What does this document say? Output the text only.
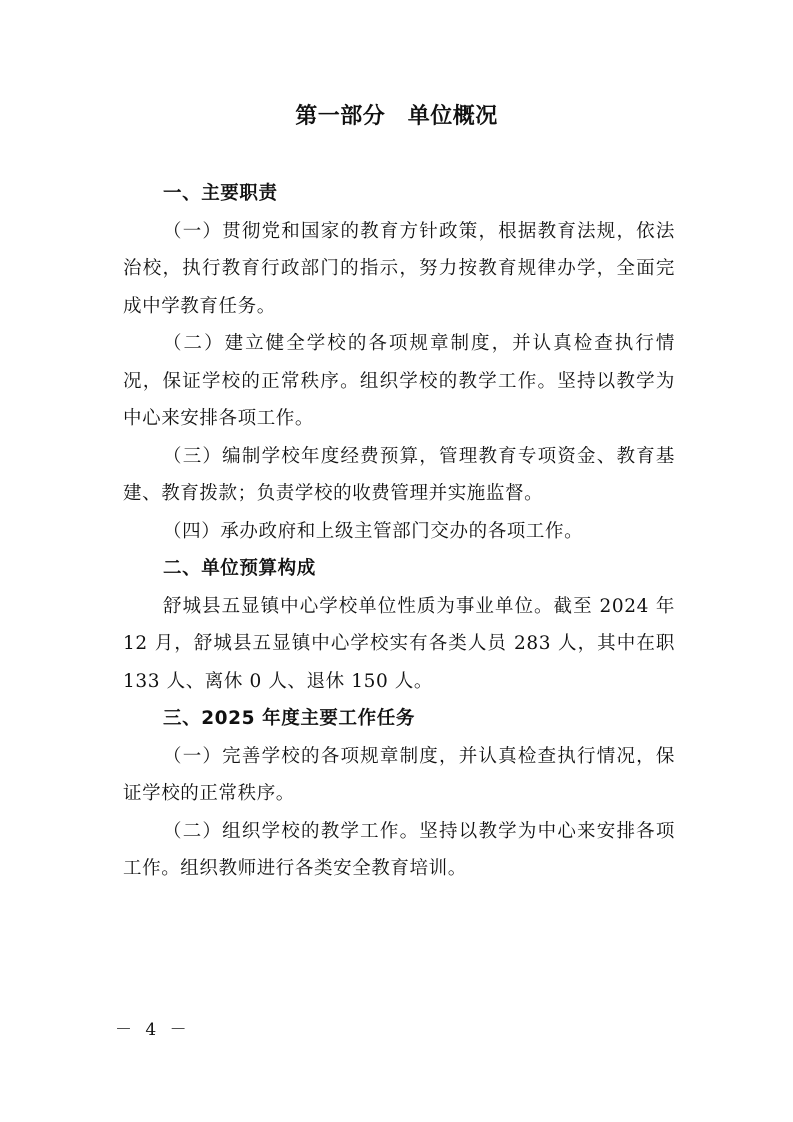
第一部分　单位概况

一、主要职责

（一）贯彻党和国家的教育方针政策，根据教育法规，依法治校，执行教育行政部门的指示，努力按教育规律办学，全面完成中学教育任务。

（二）建立健全学校的各项规章制度，并认真检查执行情况，保证学校的正常秩序。组织学校的教学工作。坚持以教学为中心来安排各项工作。

（三）编制学校年度经费预算，管理教育专项资金、教育基建、教育拨款；负责学校的收费管理并实施监督。

（四）承办政府和上级主管部门交办的各项工作。

二、单位预算构成

舒城县五显镇中心学校单位性质为事业单位。截至 2024 年 12 月，舒城县五显镇中心学校实有各类人员 283 人，其中在职 133 人、离休 0 人、退休 150 人。

三、2025 年度主要工作任务

（一）完善学校的各项规章制度，并认真检查执行情况，保证学校的正常秩序。

（二）组织学校的教学工作。坚持以教学为中心来安排各项工作。组织教师进行各类安全教育培训。

－ 4 －
